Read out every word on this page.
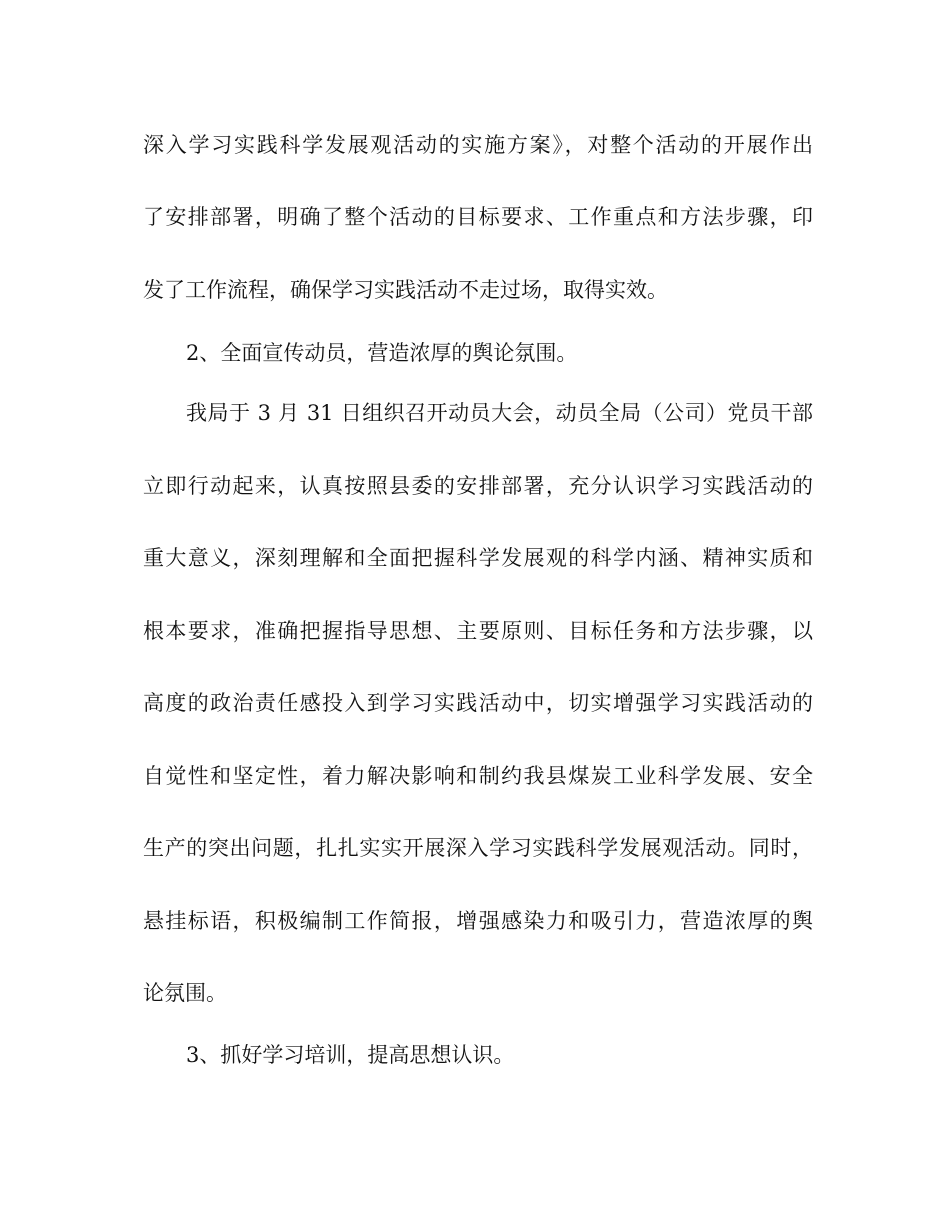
深入学习实践科学发展观活动的实施方案》，对整个活动的开展作出
了安排部署，明确了整个活动的目标要求、工作重点和方法步骤，印
发了工作流程，确保学习实践活动不走过场，取得实效。
2、全面宣传动员，营造浓厚的舆论氛围。
我局于 3 月 31 日组织召开动员大会，动员全局（公司）党员干部
立即行动起来，认真按照县委的安排部署，充分认识学习实践活动的
重大意义，深刻理解和全面把握科学发展观的科学内涵、精神实质和
根本要求，准确把握指导思想、主要原则、目标任务和方法步骤，以
高度的政治责任感投入到学习实践活动中，切实增强学习实践活动的
自觉性和坚定性，着力解决影响和制约我县煤炭工业科学发展、安全
生产的突出问题，扎扎实实开展深入学习实践科学发展观活动。同时，
悬挂标语，积极编制工作简报，增强感染力和吸引力，营造浓厚的舆
论氛围。
3、抓好学习培训，提高思想认识。
